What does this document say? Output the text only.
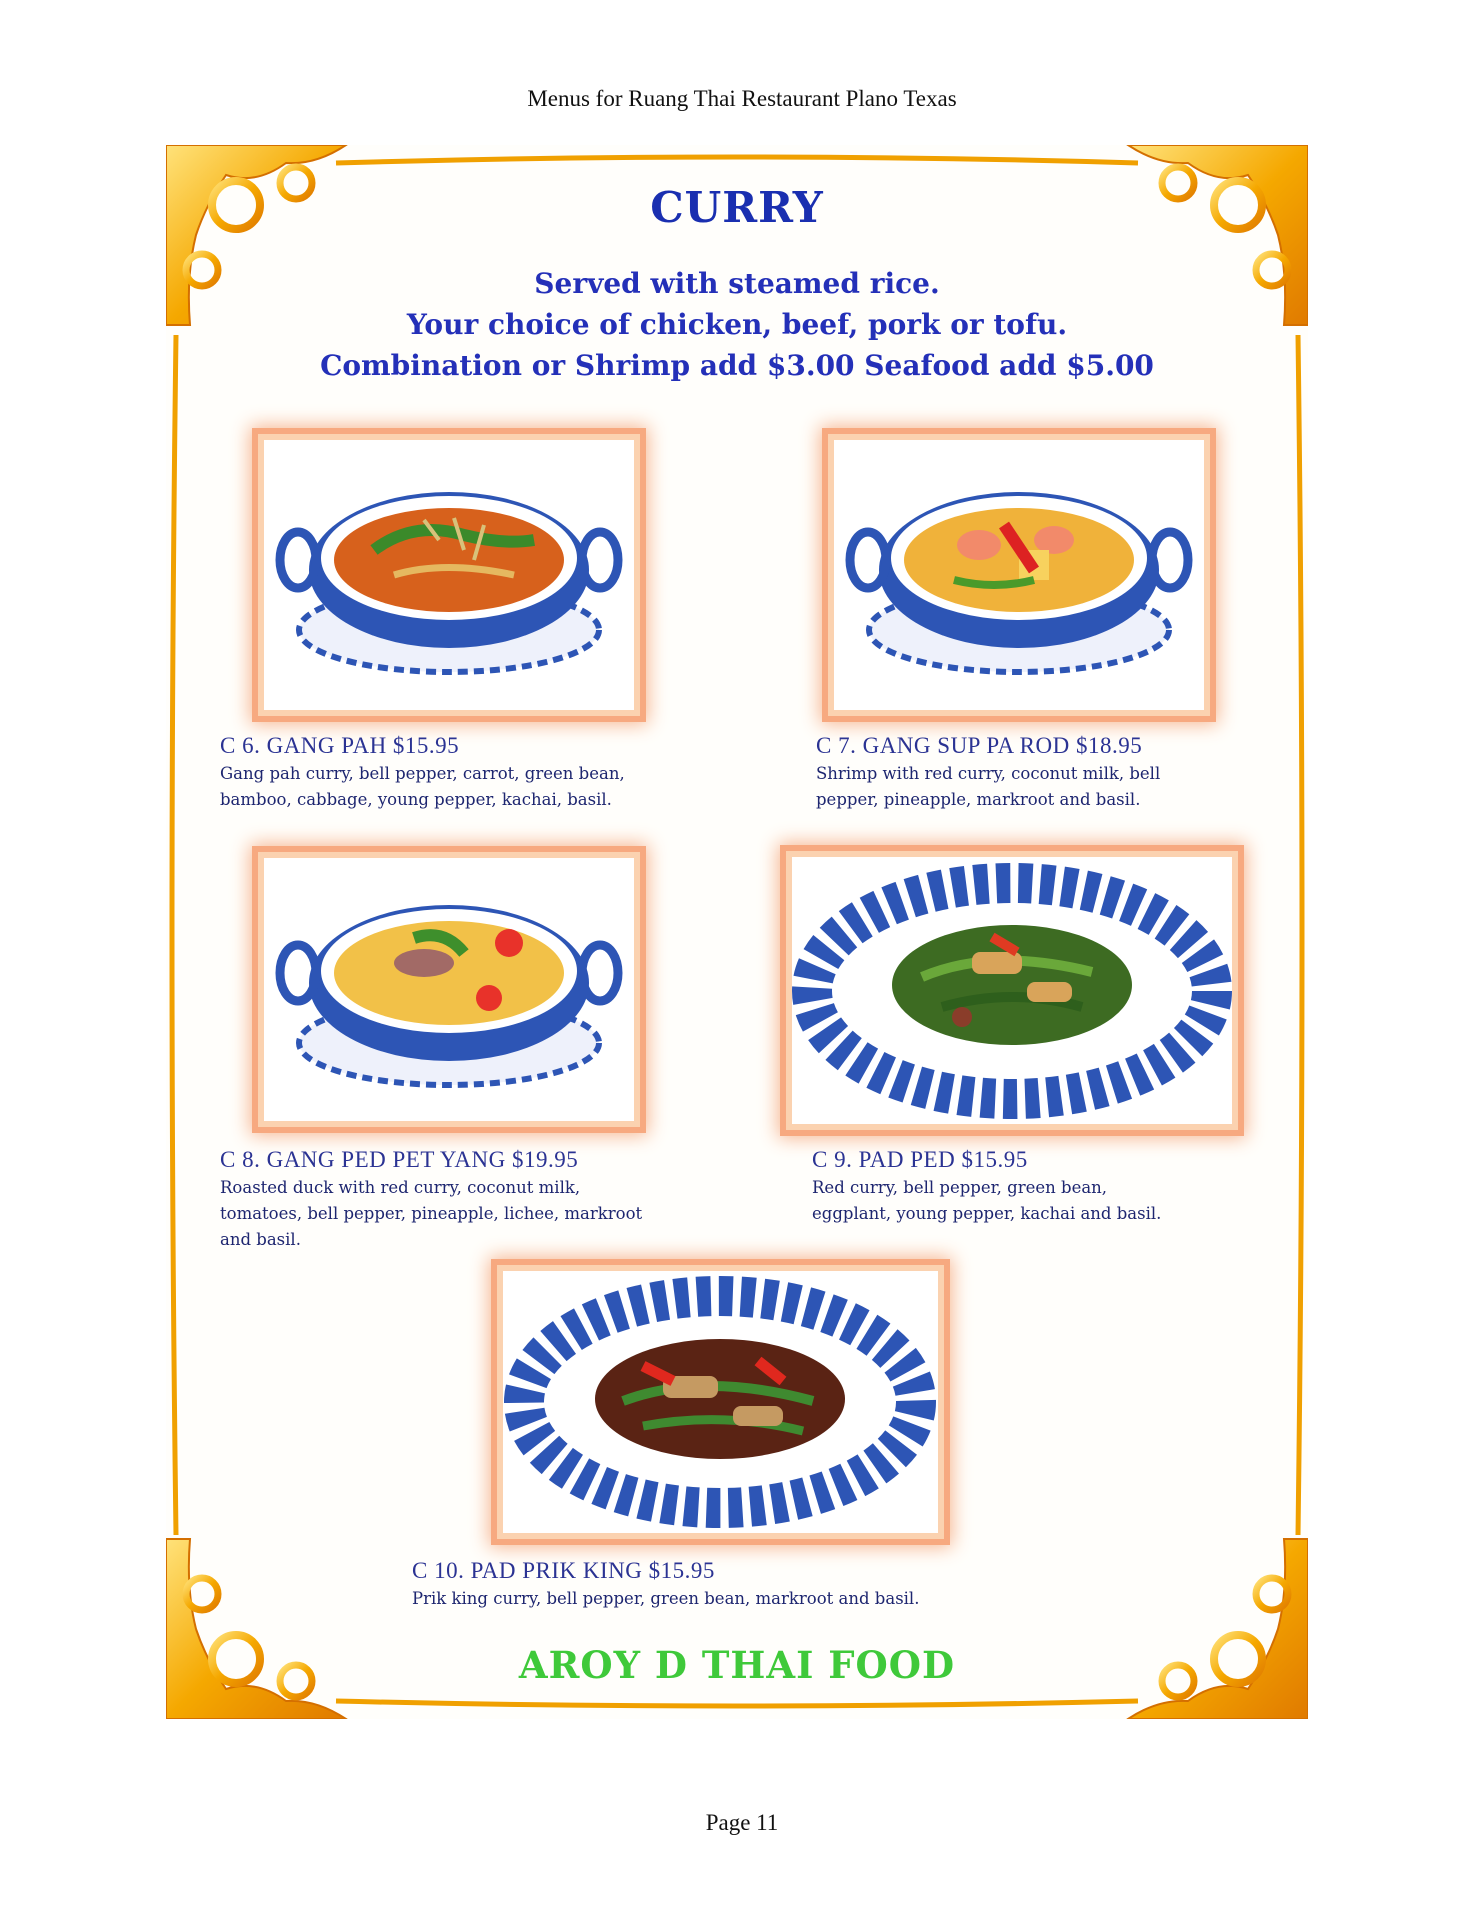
Menus for Ruang Thai Restaurant Plano Texas
CURRY
Served with steamed rice.
Your choice of chicken, beef, pork or tofu.
Combination or Shrimp add $3.00 Seafood add $5.00
C 6. GANG PAH $15.95
Gang pah curry, bell pepper, carrot, green bean,
bamboo, cabbage, young pepper, kachai, basil.
C 7. GANG SUP PA ROD $18.95
Shrimp with red curry, coconut milk, bell
pepper, pineapple, markroot and basil.
C 8. GANG PED PET YANG $19.95
Roasted duck with red curry, coconut milk,
tomatoes, bell pepper, pineapple, lichee, markroot
and basil.
C 9. PAD PED $15.95
Red curry, bell pepper, green bean,
eggplant, young pepper, kachai and basil.
C 10. PAD PRIK KING $15.95
Prik king curry, bell pepper, green bean, markroot and basil.
AROY D THAI FOOD
Page 11
